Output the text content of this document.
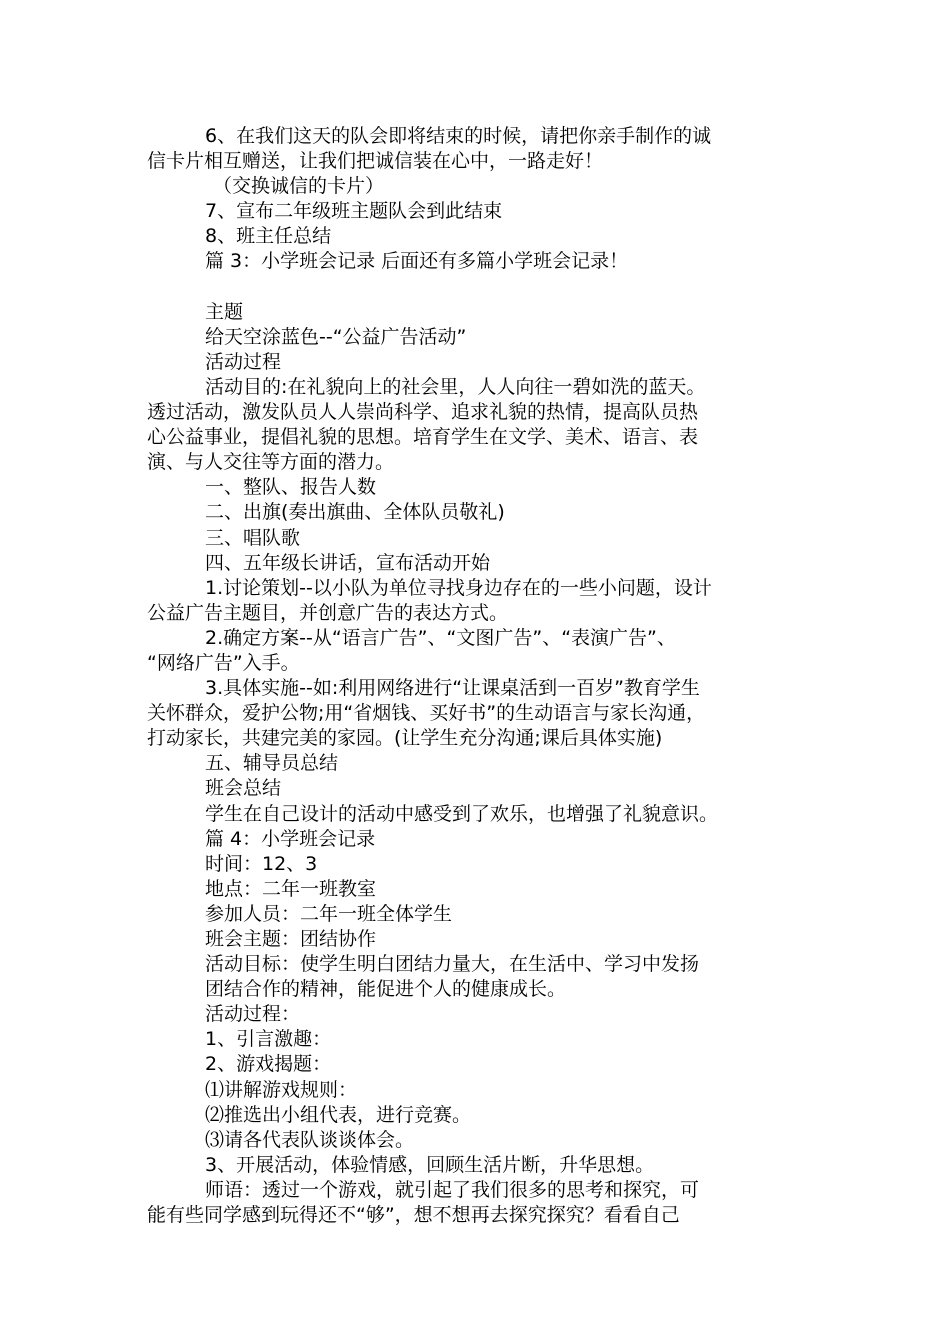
6、在我们这天的队会即将结束的时候，请把你亲手制作的诚
信卡片相互赠送，让我们把诚信装在心中，一路走好！
（交换诚信的卡片）
7、宣布二年级班主题队会到此结束
8、班主任总结
篇 3：小学班会记录 后面还有多篇小学班会记录！
主题
给天空涂蓝色--“公益广告活动”
活动过程
活动目的:在礼貌向上的社会里，人人向往一碧如洗的蓝天。
透过活动，激发队员人人崇尚科学、追求礼貌的热情，提高队员热
心公益事业，提倡礼貌的思想。培育学生在文学、美术、语言、表
演、与人交往等方面的潜力。
一、整队、报告人数
二、出旗(奏出旗曲、全体队员敬礼)
三、唱队歌
四、五年级长讲话，宣布活动开始
1.讨论策划--以小队为单位寻找身边存在的一些小问题，设计
公益广告主题目，并创意广告的表达方式。
2.确定方案--从“语言广告”、“文图广告”、“表演广告”、
“网络广告”入手。
3.具体实施--如:利用网络进行“让课桌活到一百岁”教育学生
关怀群众，爱护公物;用“省烟钱、买好书”的生动语言与家长沟通，
打动家长，共建完美的家园。(让学生充分沟通;课后具体实施)
五、辅导员总结
班会总结
学生在自己设计的活动中感受到了欢乐，也增强了礼貌意识。
篇 4：小学班会记录
时间：12、3
地点：二年一班教室
参加人员：二年一班全体学生
班会主题：团结协作
活动目标：使学生明白团结力量大，在生活中、学习中发扬
团结合作的精神，能促进个人的健康成长。
活动过程：
1、引言激趣：
2、游戏揭题：
⑴讲解游戏规则：
⑵推选出小组代表，进行竞赛。
⑶请各代表队谈谈体会。
3、开展活动，体验情感，回顾生活片断，升华思想。
师语：透过一个游戏，就引起了我们很多的思考和探究，可
能有些同学感到玩得还不“够”，想不想再去探究探究？看看自己
